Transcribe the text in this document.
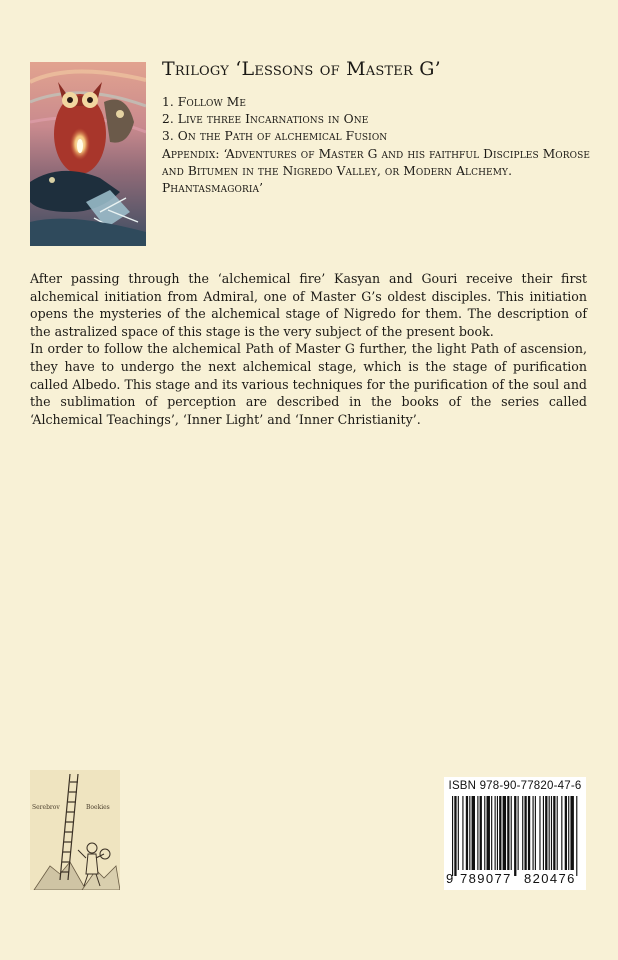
Trilogy ‘Lessons of Master G’
1. Follow Me
2. Live three Incarnations in One
3. On the Path of alchemical Fusion

Appendix: ‘Adventures of Master G and his faithful Disciples Morose and Bitumen in the Nigredo Valley, or Modern Alchemy. Phantasmagoria’

After passing through the ‘alchemical fire’ Kasyan and Gouri receive their first alchemical initiation from Admiral, one of Master G’s oldest disciples. This initiation opens the mysteries of the alchemical stage of Nigredo for them. The description of the astralized space of this stage is the very subject of the present book.

In order to follow the alchemical Path of Master G further, the light Path of ascension, they have to undergo the next alchemical stage, which is the stage of purification called Albedo. This stage and its various techniques for the purification of the soul and the sublimation of perception are described in the books of the series called ‘Alchemical Teachings’, ‘Inner Light’ and ‘Inner Christianity’.

Serebrov	Boekies
ISBN 978-90-77820-47-6
9 789077 820476
